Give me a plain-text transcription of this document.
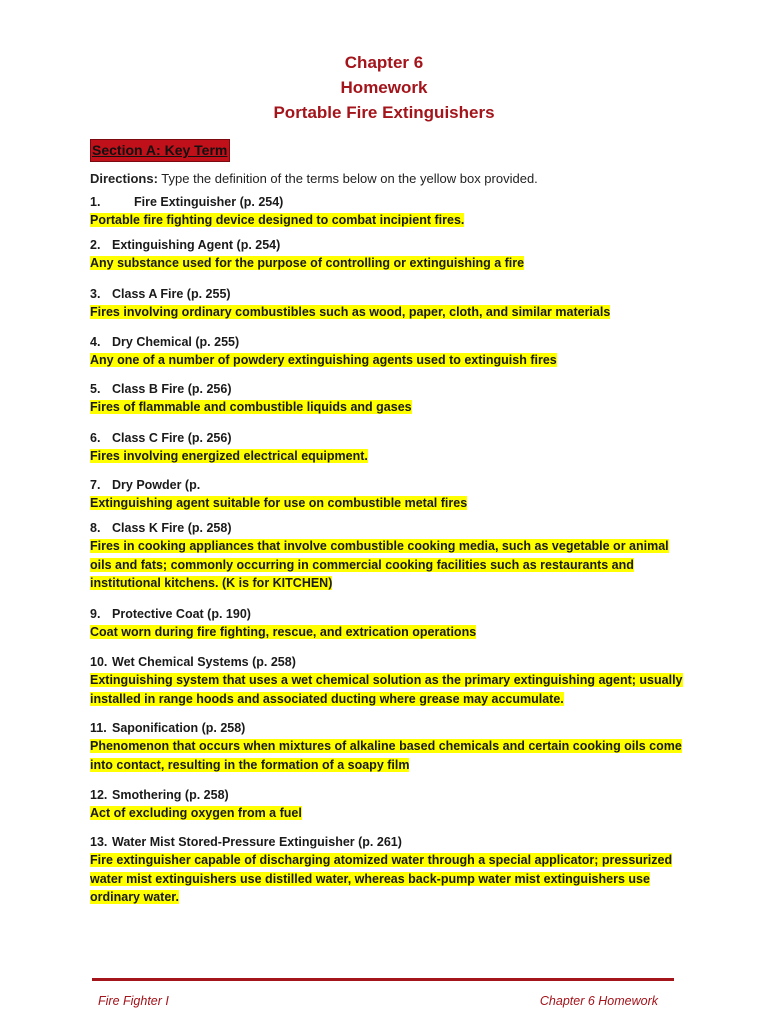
Chapter 6
Homework
Portable Fire Extinguishers
Section A: Key Term
Directions: Type the definition of the terms below on the yellow box provided.
1.	Fire Extinguisher (p. 254)
Portable fire fighting device designed to combat incipient fires.
2. Extinguishing Agent (p. 254)
Any substance used for the purpose of controlling or extinguishing a fire
3. Class A Fire (p. 255)
Fires involving ordinary combustibles such as wood, paper, cloth, and similar materials
4. Dry Chemical (p. 255)
Any one of a number of powdery extinguishing agents used to extinguish fires
5. Class B Fire (p. 256)
Fires of flammable and combustible liquids and gases
6. Class C Fire (p. 256)
Fires involving energized electrical equipment.
7. Dry Powder (p.
Extinguishing agent suitable for use on combustible metal fires
8. Class K Fire (p. 258)
Fires in cooking appliances that involve combustible cooking media, such as vegetable or animal oils and fats; commonly occurring in commercial cooking facilities such as restaurants and institutional kitchens. (K is for KITCHEN)
9. Protective Coat (p. 190)
Coat worn during fire fighting, rescue, and extrication operations
10. Wet Chemical Systems (p. 258)
Extinguishing system that uses a wet chemical solution as the primary extinguishing agent; usually installed in range hoods and associated ducting where grease may accumulate.
11. Saponification (p. 258)
Phenomenon that occurs when mixtures of alkaline based chemicals and certain cooking oils come into contact, resulting in the formation of a soapy film
12. Smothering (p. 258)
Act of excluding oxygen from a fuel
13. Water Mist Stored-Pressure Extinguisher (p. 261)
Fire extinguisher capable of discharging atomized water through a special applicator; pressurized water mist extinguishers use distilled water, whereas back-pump water mist extinguishers use ordinary water.
Fire Fighter I	Chapter 6 Homework
